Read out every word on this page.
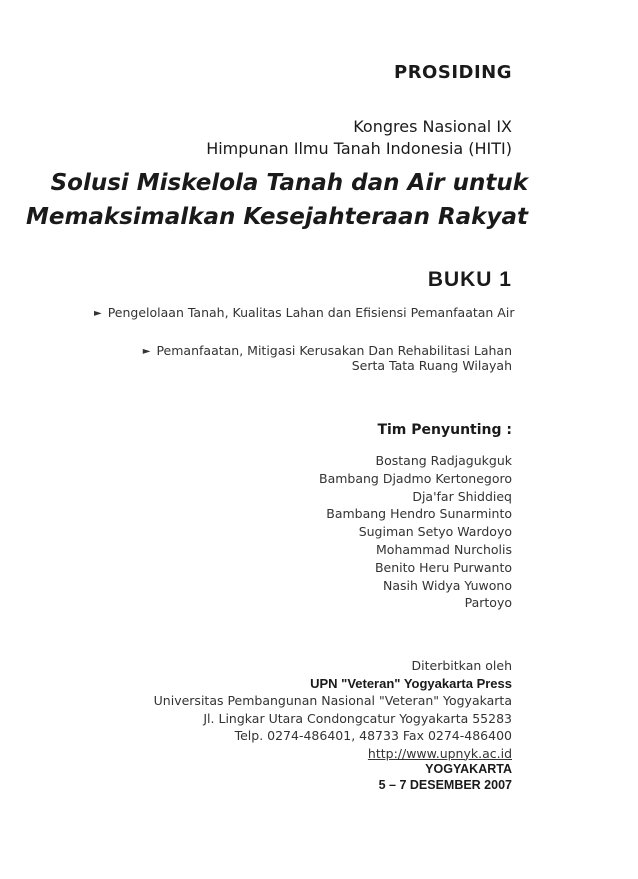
PROSIDING
Kongres Nasional IX
Himpunan Ilmu Tanah Indonesia (HITI)
Solusi Miskelola Tanah dan Air untuk
Memaksimalkan Kesejahteraan Rakyat
BUKU 1
► Pengelolaan Tanah, Kualitas Lahan dan Efisiensi Pemanfaatan Air
► Pemanfaatan, Mitigasi Kerusakan Dan Rehabilitasi Lahan
Serta Tata Ruang Wilayah
Tim Penyunting :
Bostang Radjagukguk
Bambang Djadmo Kertonegoro
Dja'far Shiddieq
Bambang Hendro Sunarminto
Sugiman Setyo Wardoyo
Mohammad Nurcholis
Benito Heru Purwanto
Nasih Widya Yuwono
Partoyo
Diterbitkan oleh
UPN "Veteran" Yogyakarta Press
Universitas Pembangunan Nasional "Veteran" Yogyakarta
Jl. Lingkar Utara Condongcatur Yogyakarta 55283
Telp. 0274-486401, 48733 Fax 0274-486400
http://www.upnyk.ac.id
YOGYAKARTA
5 – 7 DESEMBER 2007
